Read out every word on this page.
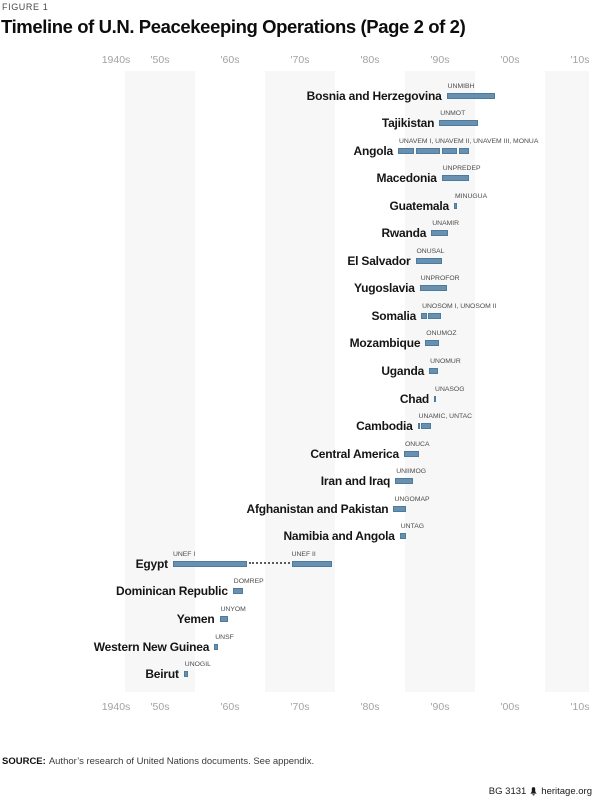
FIGURE 1
Timeline of U.N. Peacekeeping Operations (Page 2 of 2)
1940s '50s	'60s	'70s	'80s	'90s	'00s	'10s
Bosnia and Herzegovina
UNMIBH
Tajikistan
UNMOT
Angola
UNAVEM I, UNAVEM II, UNAVEM III, MONUA
Macedonia
UNPREDEP
Guatemala
MINUGUA
Rwanda
UNAMIR
El Salvador
ONUSAL
Yugoslavia
UNPROFOR
Somalia
UNOSOM I, UNOSOM II
Mozambique
ONUMOZ
Uganda
UNOMUR
Chad
UNASOG
Cambodia
UNAMIC, UNTAC
Central America
ONUCA
Iran and Iraq
UNIIMOG
Afghanistan and Pakistan
UNGOMAP
Namibia and Angola
UNTAG
Egypt
UNEF I	UNEF II
Dominican Republic
DOMREP
Yemen
UNYOM
Western New Guinea
UNSF
Beirut
UNOGIL
1940s '50s	'60s	'70s	'80s	'90s	'00s	'10s
SOURCE: Author’s research of United Nations documents. See appendix.
BG 3131 heritage.org
